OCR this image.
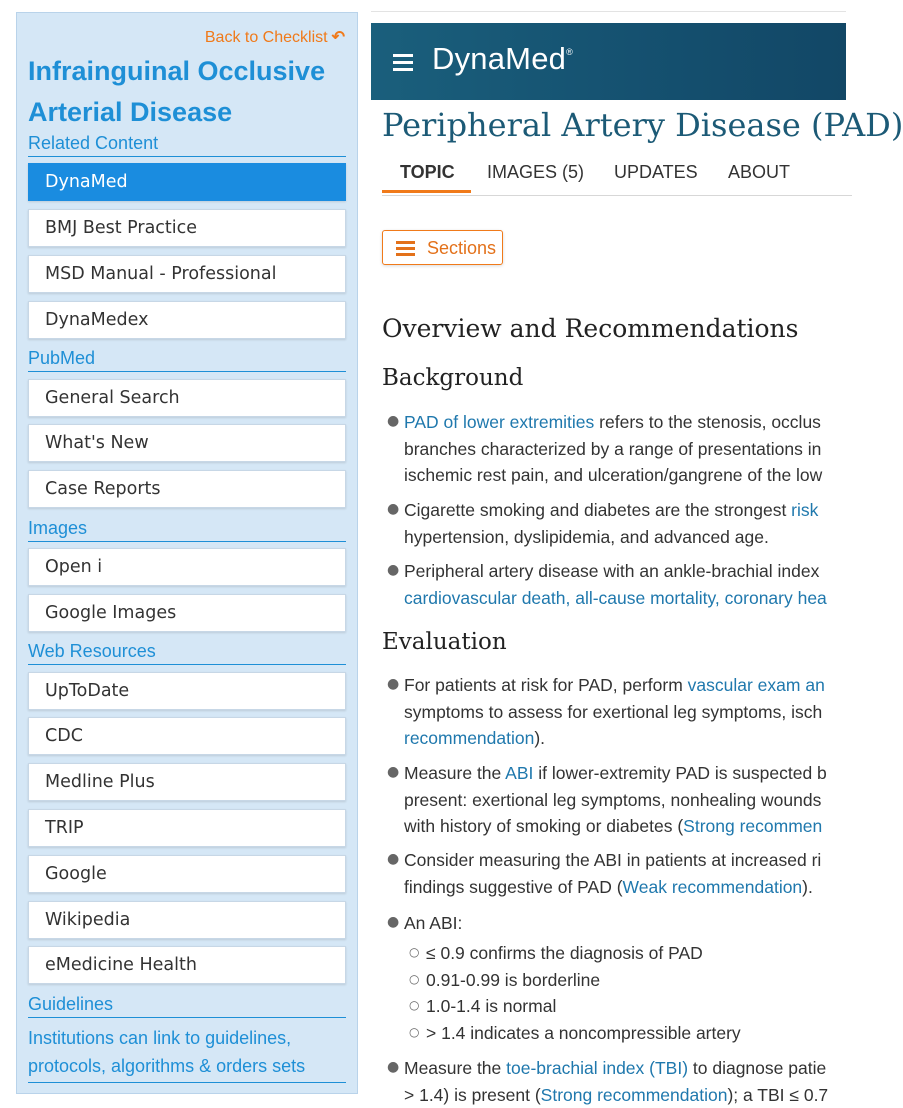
Back to Checklist ↶
Infrainguinal Occlusive Arterial Disease
Related Content
DynaMed
BMJ Best Practice
MSD Manual - Professional
DynaMedex
PubMed
General Search
What's New
Case Reports
Images
Open i
Google Images
Web Resources
UpToDate
CDC
Medline Plus
TRIP
Google
Wikipedia
eMedicine Health
Guidelines
Institutions can link to guidelines, protocols, algorithms & orders sets
DynaMed®
Peripheral Artery Disease (PAD)
TOPIC	IMAGES (5) UPDATES ABOUT
Sections
Overview and Recommendations
Background
● PAD of lower extremities refers to the stenosis, occlus
branches characterized by a range of presentations in
ischemic rest pain, and ulceration/gangrene of the low
● Cigarette smoking and diabetes are the strongest risk
hypertension, dyslipidemia, and advanced age.
● Peripheral artery disease with an ankle-brachial index
cardiovascular death, all-cause mortality, coronary hea
Evaluation
● For patients at risk for PAD, perform vascular exam an
symptoms to assess for exertional leg symptoms, isch
recommendation).
● Measure the ABI if lower-extremity PAD is suspected b
present: exertional leg symptoms, nonhealing wounds
with history of smoking or diabetes (Strong recommen
● Consider measuring the ABI in patients at increased ri
findings suggestive of PAD (Weak recommendation).
● An ABI:
○ ≤ 0.9 confirms the diagnosis of PAD
○ 0.91-0.99 is borderline
○ 1.0-1.4 is normal
○ > 1.4 indicates a noncompressible artery
● Measure the toe-brachial index (TBI) to diagnose patie
> 1.4) is present (Strong recommendation); a TBI ≤ 0.7
